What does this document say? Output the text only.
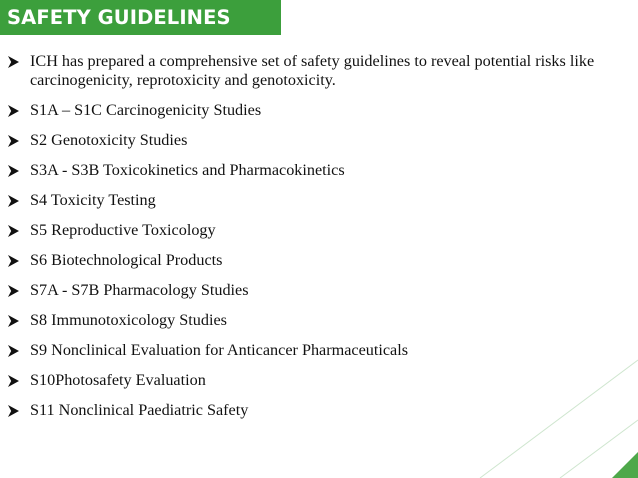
SAFETY GUIDELINES
ICH has prepared a comprehensive set of safety guidelines to reveal potential risks like carcinogenicity, reprotoxicity and genotoxicity.
S1A – S1C Carcinogenicity Studies
S2 Genotoxicity Studies
S3A - S3B Toxicokinetics and Pharmacokinetics
S4 Toxicity Testing
S5 Reproductive Toxicology
S6 Biotechnological Products
S7A - S7B Pharmacology Studies
S8 Immunotoxicology Studies
S9 Nonclinical Evaluation for Anticancer Pharmaceuticals
S10Photosafety Evaluation
S11 Nonclinical Paediatric Safety
